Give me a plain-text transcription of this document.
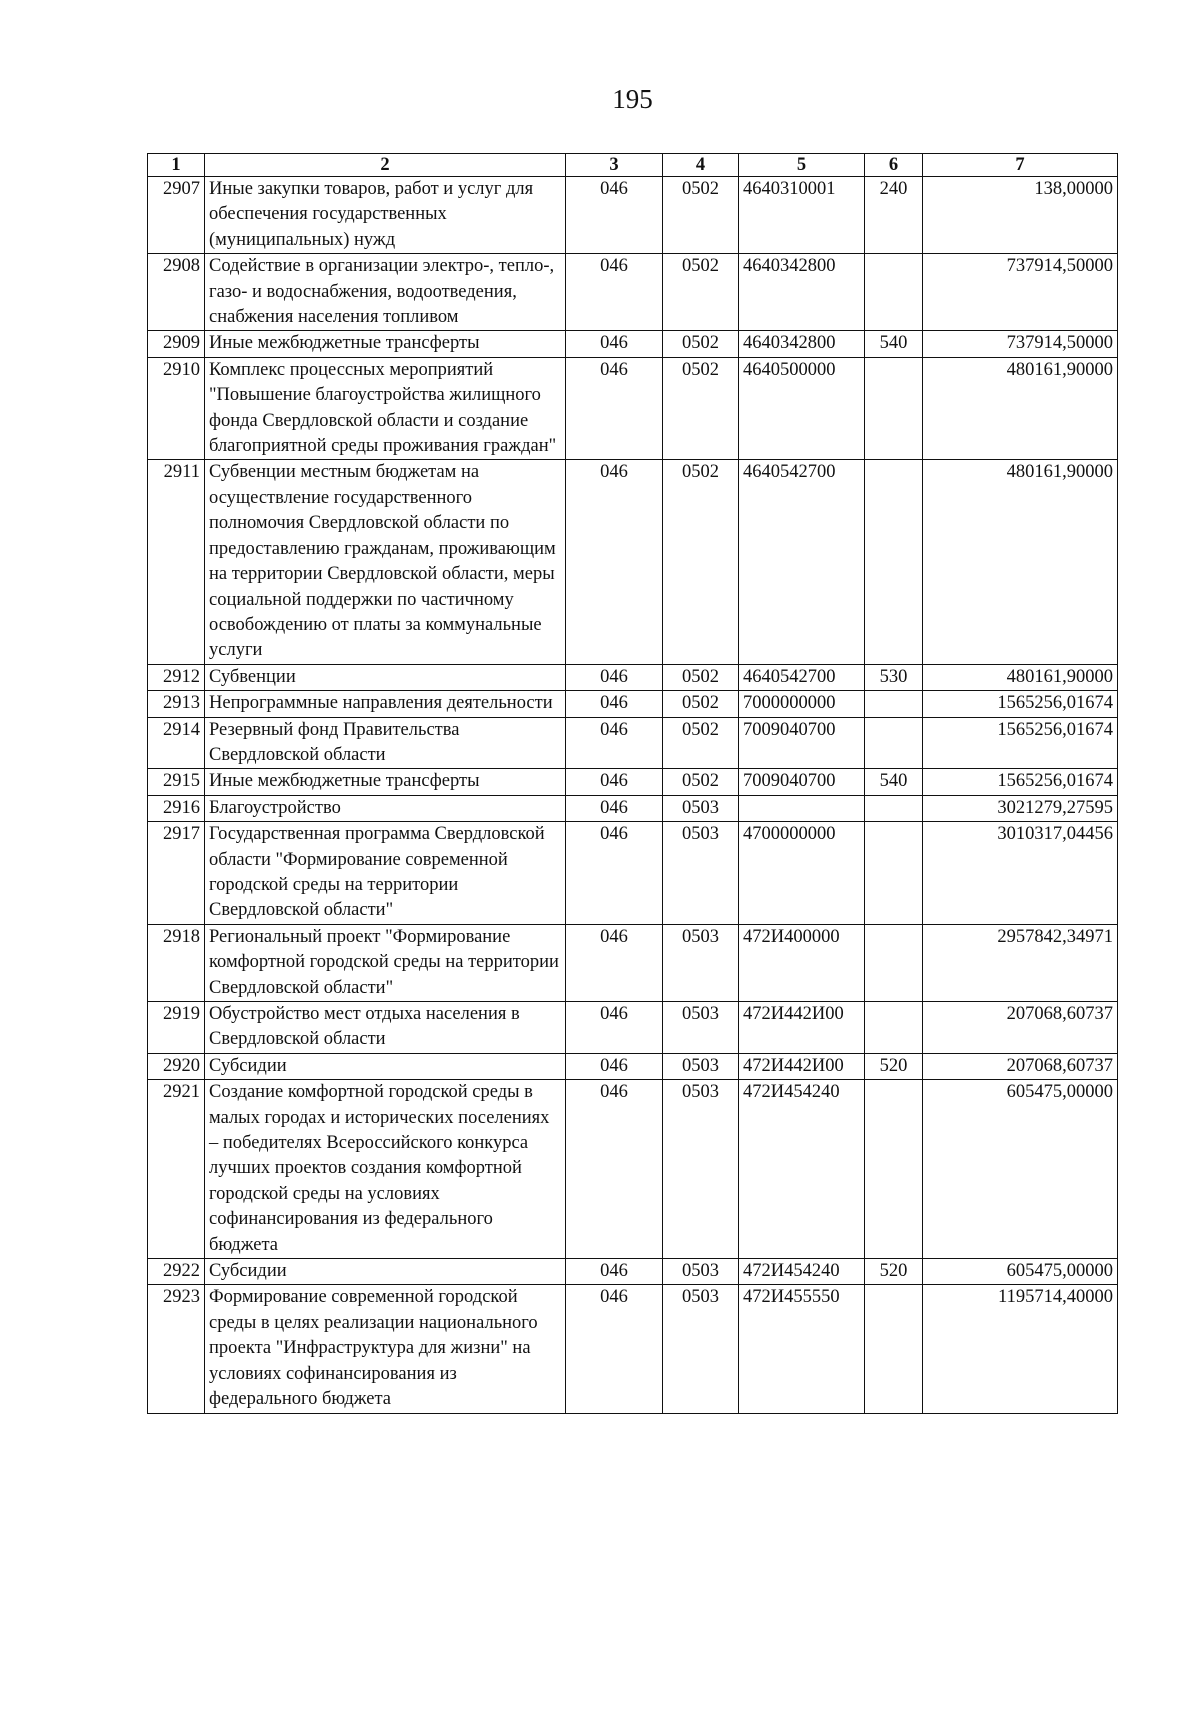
195
1	2	3	4	5	6	7
2907	Иные закупки товаров, работ и услуг для обеспечения государственных (муниципальных) нужд	046	0502	4640310001	240	138,00000
2908	Содействие в организации электро-, тепло-, газо- и водоснабжения, водоотведения, снабжения населения топливом	046	0502	4640342800		737914,50000
2909	Иные межбюджетные трансферты	046	0502	4640342800	540	737914,50000
2910	Комплекс процессных мероприятий "Повышение благоустройства жилищного фонда Свердловской области и создание благоприятной среды проживания граждан"	046	0502	4640500000		480161,90000
2911	Субвенции местным бюджетам на осуществление государственного полномочия Свердловской области по предоставлению гражданам, проживающим на территории Свердловской области, меры социальной поддержки по частичному освобождению от платы за коммунальные услуги	046	0502	4640542700		480161,90000
2912	Субвенции	046	0502	4640542700	530	480161,90000
2913	Непрограммные направления деятельности	046	0502	7000000000		1565256,01674
2914	Резервный фонд Правительства Свердловской области	046	0502	7009040700		1565256,01674
2915	Иные межбюджетные трансферты	046	0502	7009040700	540	1565256,01674
2916	Благоустройство	046	0503			3021279,27595
2917	Государственная программа Свердловской области "Формирование современной городской среды на территории Свердловской области"	046	0503	4700000000		3010317,04456
2918	Региональный проект "Формирование комфортной городской среды на территории Свердловской области"	046	0503	472И400000		2957842,34971
2919	Обустройство мест отдыха населения в Свердловской области	046	0503	472И442И00		207068,60737
2920	Субсидии	046	0503	472И442И00	520	207068,60737
2921	Создание комфортной городской среды в малых городах и исторических поселениях – победителях Всероссийского конкурса лучших проектов создания комфортной городской среды на условиях софинансирования из федерального бюджета	046	0503	472И454240		605475,00000
2922	Субсидии	046	0503	472И454240	520	605475,00000
2923	Формирование современной городской среды в целях реализации национального проекта "Инфраструктура для жизни" на условиях софинансирования из федерального бюджета	046	0503	472И455550		1195714,40000
